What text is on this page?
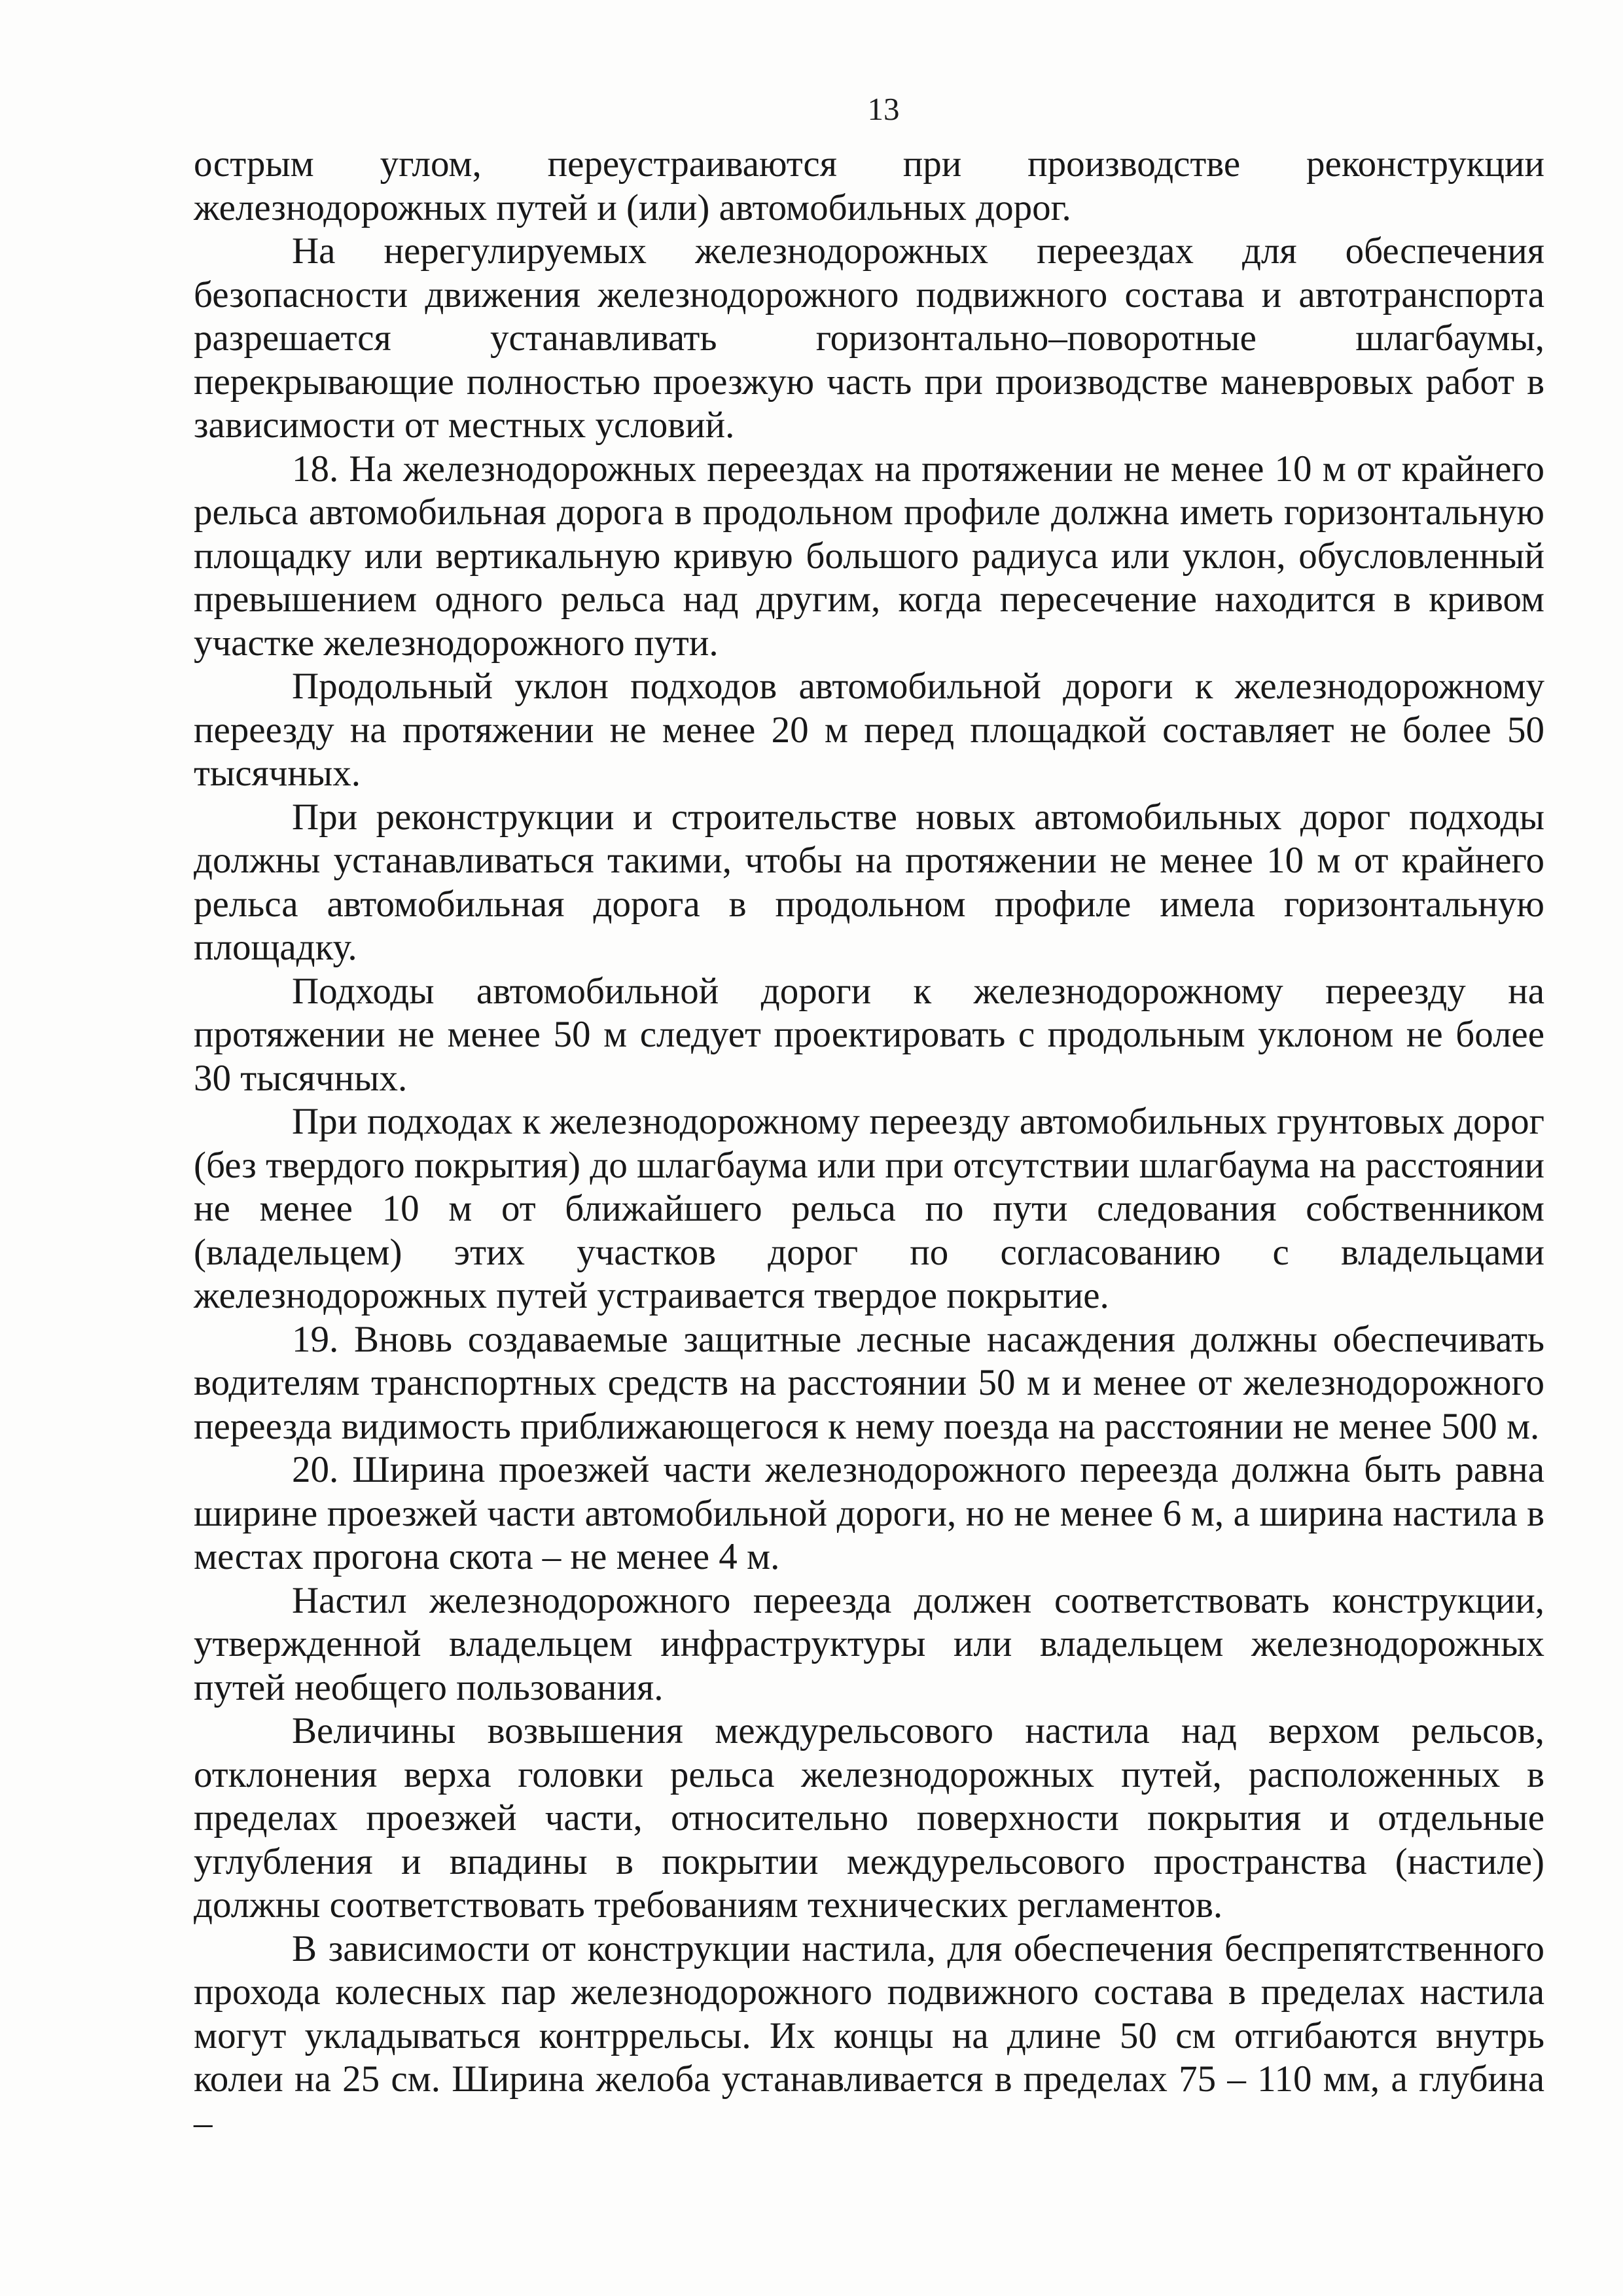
13

острым углом, переустраиваются при производстве реконструкции железнодорожных путей и (или) автомобильных дорог.

На нерегулируемых железнодорожных переездах для обеспечения безопасности движения железнодорожного подвижного состава и автотранспорта разрешается устанавливать горизонтально–поворотные шлагбаумы, перекрывающие полностью проезжую часть при производстве маневровых работ в зависимости от местных условий.

18. На железнодорожных переездах на протяжении не менее 10 м от крайнего рельса автомобильная дорога в продольном профиле должна иметь горизонтальную площадку или вертикальную кривую большого радиуса или уклон, обусловленный превышением одного рельса над другим, когда пересечение находится в кривом участке железнодорожного пути.

Продольный уклон подходов автомобильной дороги к железнодорожному переезду на протяжении не менее 20 м перед площадкой составляет не более 50 тысячных.

При реконструкции и строительстве новых автомобильных дорог подходы должны устанавливаться такими, чтобы на протяжении не менее 10 м от крайнего рельса автомобильная дорога в продольном профиле имела горизонтальную площадку.

Подходы автомобильной дороги к железнодорожному переезду на протяжении не менее 50 м следует проектировать с продольным уклоном не более 30 тысячных.

При подходах к железнодорожному переезду автомобильных грунтовых дорог (без твердого покрытия) до шлагбаума или при отсутствии шлагбаума на расстоянии не менее 10 м от ближайшего рельса по пути следования собственником (владельцем) этих участков дорог по согласованию с владельцами железнодорожных путей устраивается твердое покрытие.

19. Вновь создаваемые защитные лесные насаждения должны обеспечивать водителям транспортных средств на расстоянии 50 м и менее от железнодорожного переезда видимость приближающегося к нему поезда на расстоянии не менее 500 м.

20. Ширина проезжей части железнодорожного переезда должна быть равна ширине проезжей части автомобильной дороги, но не менее 6 м, а ширина настила в местах прогона скота – не менее 4 м.

Настил железнодорожного переезда должен соответствовать конструкции, утвержденной владельцем инфраструктуры или владельцем железнодорожных путей необщего пользования.

Величины возвышения междурельсового настила над верхом рельсов, отклонения верха головки рельса железнодорожных путей, расположенных в пределах проезжей части, относительно поверхности покрытия и отдельные углубления и впадины в покрытии междурельсового пространства (настиле) должны соответствовать требованиям технических регламентов.

В зависимости от конструкции настила, для обеспечения беспрепятственного прохода колесных пар железнодорожного подвижного состава в пределах настила могут укладываться контррельсы. Их концы на длине 50 см отгибаются внутрь колеи на 25 см. Ширина желоба устанавливается в пределах 75 – 110 мм, а глубина –
